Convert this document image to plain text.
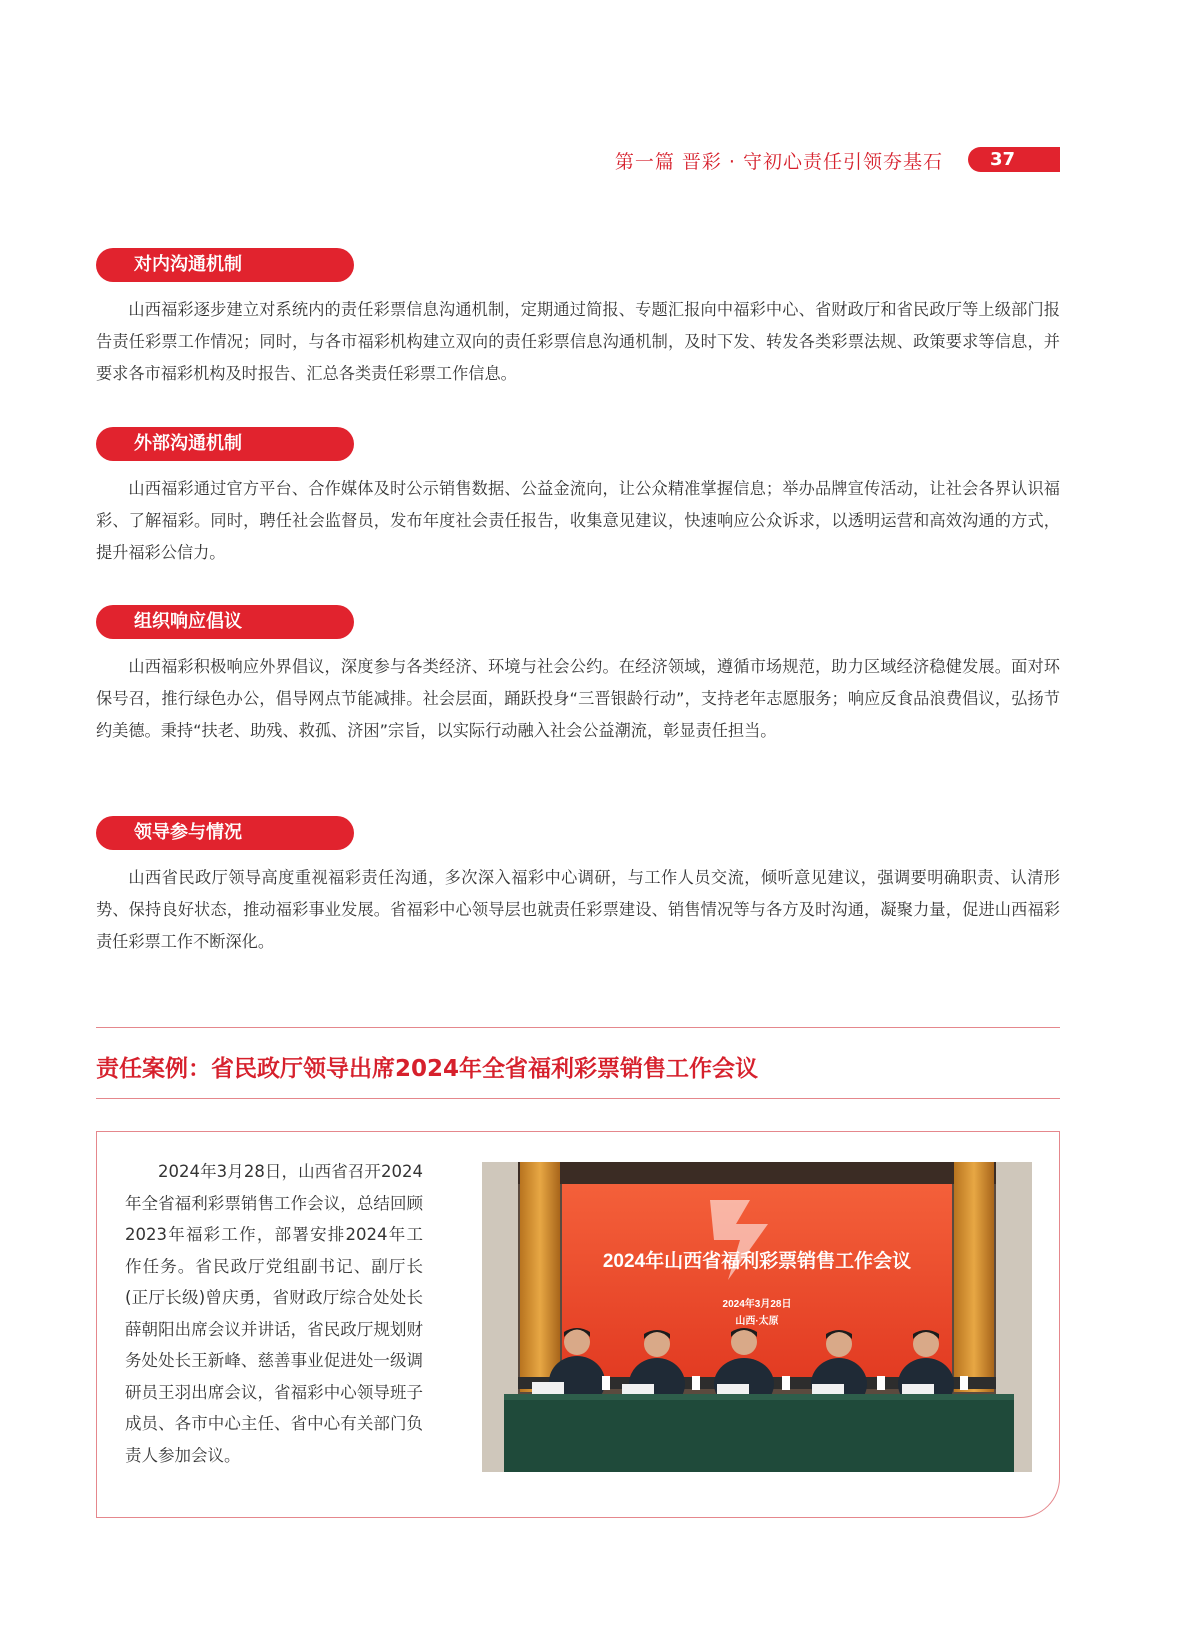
第一篇 晋彩 · 守初心责任引领夯基石	37
对内沟通机制
山西福彩逐步建立对系统内的责任彩票信息沟通机制，定期通过简报、专题汇报向中福彩中心、省财政厅和省民政厅等上级部门报告责任彩票工作情况；同时，与各市福彩机构建立双向的责任彩票信息沟通机制，及时下发、转发各类彩票法规、政策要求等信息，并要求各市福彩机构及时报告、汇总各类责任彩票工作信息。
外部沟通机制
山西福彩通过官方平台、合作媒体及时公示销售数据、公益金流向，让公众精准掌握信息；举办品牌宣传活动，让社会各界认识福彩、了解福彩。同时，聘任社会监督员，发布年度社会责任报告，收集意见建议，快速响应公众诉求，以透明运营和高效沟通的方式，提升福彩公信力。
组织响应倡议
山西福彩积极响应外界倡议，深度参与各类经济、环境与社会公约。在经济领域，遵循市场规范，助力区域经济稳健发展。面对环保号召，推行绿色办公，倡导网点节能减排。社会层面，踊跃投身“三晋银龄行动”，支持老年志愿服务；响应反食品浪费倡议，弘扬节约美德。秉持“扶老、助残、救孤、济困”宗旨，以实际行动融入社会公益潮流，彰显责任担当。
领导参与情况
山西省民政厅领导高度重视福彩责任沟通，多次深入福彩中心调研，与工作人员交流，倾听意见建议，强调要明确职责、认清形势、保持良好状态，推动福彩事业发展。省福彩中心领导层也就责任彩票建设、销售情况等与各方及时沟通，凝聚力量，促进山西福彩责任彩票工作不断深化。
责任案例：省民政厅领导出席2024年全省福利彩票销售工作会议
2024年3月28日，山西省召开2024年全省福利彩票销售工作会议，总结回顾2023年福彩工作，部署安排2024年工作任务。省民政厅党组副书记、副厅长(正厅长级)曾庆勇，省财政厅综合处处长薛朝阳出席会议并讲话，省民政厅规划财务处处长王新峰、慈善事业促进处一级调研员王羽出席会议，省福彩中心领导班子成员、各市中心主任、省中心有关部门负责人参加会议。
2024年山西省福利彩票销售工作会议
2024年3月28日
山西·太原
